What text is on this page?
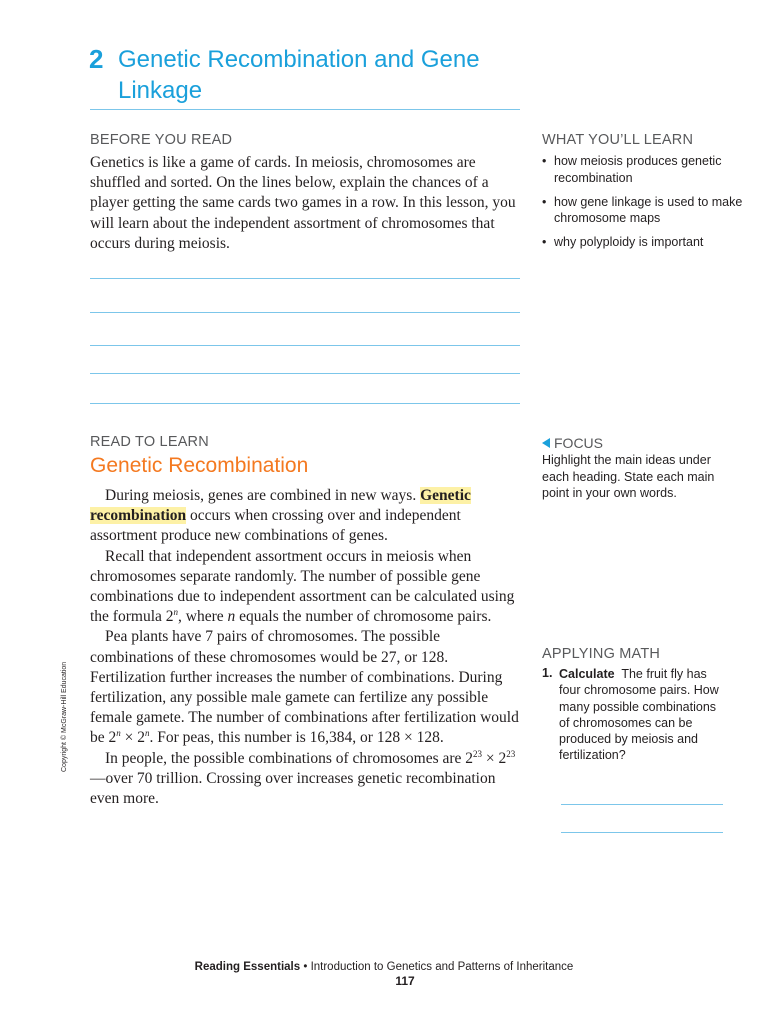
2 Genetic Recombination and Gene Linkage
BEFORE YOU READ
Genetics is like a game of cards. In meiosis, chromosomes are shuffled and sorted. On the lines below, explain the chances of a player getting the same cards two games in a row. In this lesson, you will learn about the independent assortment of chromosomes that occurs during meiosis.
WHAT YOU’LL LEARN
• how meiosis produces genetic recombination
• how gene linkage is used to make chromosome maps
• why polyploidy is important
READ TO LEARN
Genetic Recombination

During meiosis, genes are combined in new ways. Genetic recombination occurs when crossing over and independent assortment produce new combinations of genes.

Recall that independent assortment occurs in meiosis when chromosomes separate randomly. The number of possible gene combinations due to independent assortment can be calculated using the formula 2$^n$, where n equals the number of chromosome pairs.

Pea plants have 7 pairs of chromosomes. The possible combinations of these chromosomes would be 27, or 128. Fertilization further increases the number of combinations. During fertilization, any possible male gamete can fertilize any possible female gamete. The number of combinations after fertilization would be $2^n \times 2^n$. For peas, this number is 16,384, or 128 × 128.

In people, the possible combinations of chromosomes are $2^{23}$ × $2^{23}—over$ 70 trillion. Crossing over increases genetic recombination even more.

FOCUS
Highlight the main ideas under each heading. State each main point in your own words.
APPLYING MATH
1. Calculate The fruit fly has four chromosome pairs. How many possible combinations of chromosomes can be produced by meiosis and fertilization?
Copyright © McGraw-Hill Education
Reading Essentials • Introduction to Genetics and Patterns of Inheritance
117
